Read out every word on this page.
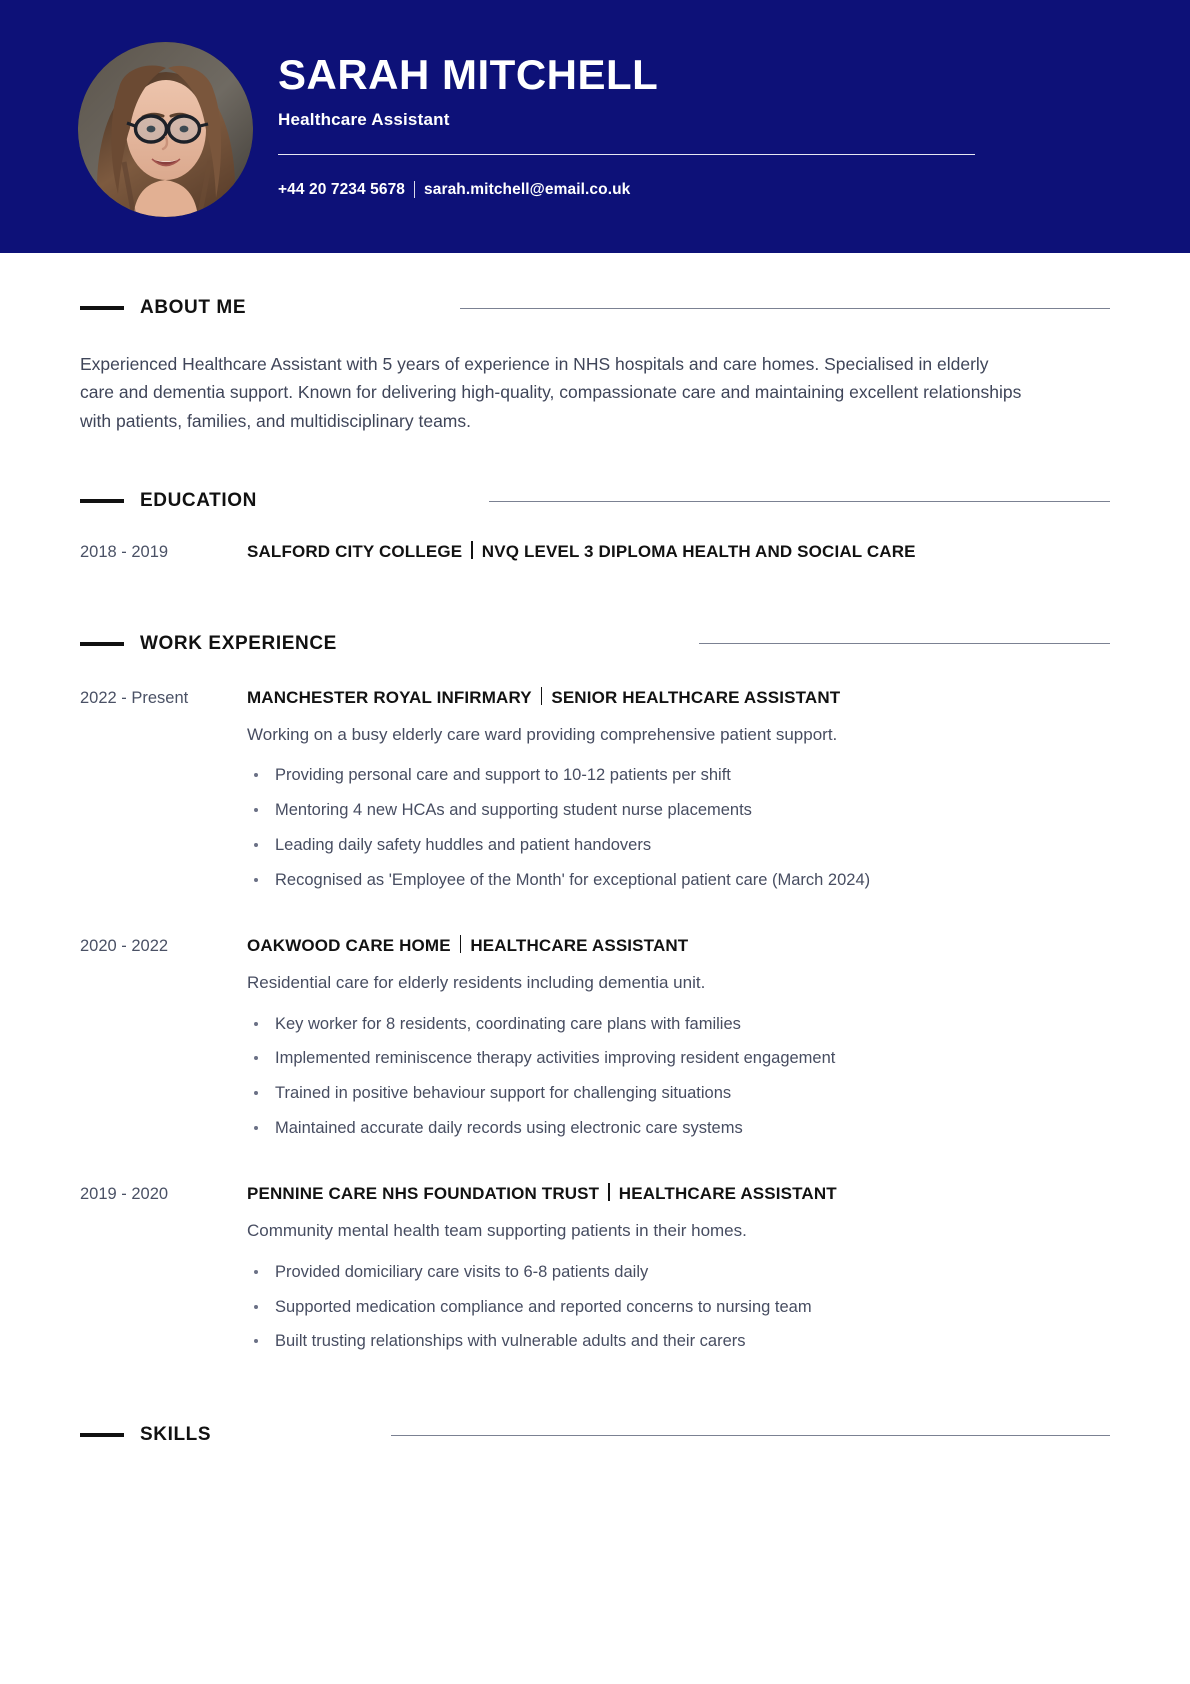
SARAH MITCHELL
Healthcare Assistant
+44 20 7234 5678 sarah.mitchell@email.co.uk
ABOUT ME

Experienced Healthcare Assistant with 5 years of experience in NHS hospitals and care homes. Specialised in elderly care and dementia support. Known for delivering high-quality, compassionate care and maintaining excellent relationships with patients, families, and multidisciplinary teams.

EDUCATION
2018 - 2019	SALFORD CITY COLLEGE NVQ LEVEL 3 DIPLOMA HEALTH AND SOCIAL CARE
WORK EXPERIENCE
2022 - Present	MANCHESTER ROYAL INFIRMARY SENIOR HEALTHCARE ASSISTANT
Working on a busy elderly care ward providing comprehensive patient support.
Providing personal care and support to 10-12 patients per shift
Mentoring 4 new HCAs and supporting student nurse placements
Leading daily safety huddles and patient handovers
Recognised as 'Employee of the Month' for exceptional patient care (March 2024)
2020 - 2022	OAKWOOD CARE HOME HEALTHCARE ASSISTANT
Residential care for elderly residents including dementia unit.
Key worker for 8 residents, coordinating care plans with families
Implemented reminiscence therapy activities improving resident engagement
Trained in positive behaviour support for challenging situations
Maintained accurate daily records using electronic care systems
2019 - 2020	PENNINE CARE NHS FOUNDATION TRUST HEALTHCARE ASSISTANT
Community mental health team supporting patients in their homes.
Provided domiciliary care visits to 6-8 patients daily
Supported medication compliance and reported concerns to nursing team
Built trusting relationships with vulnerable adults and their carers
SKILLS
